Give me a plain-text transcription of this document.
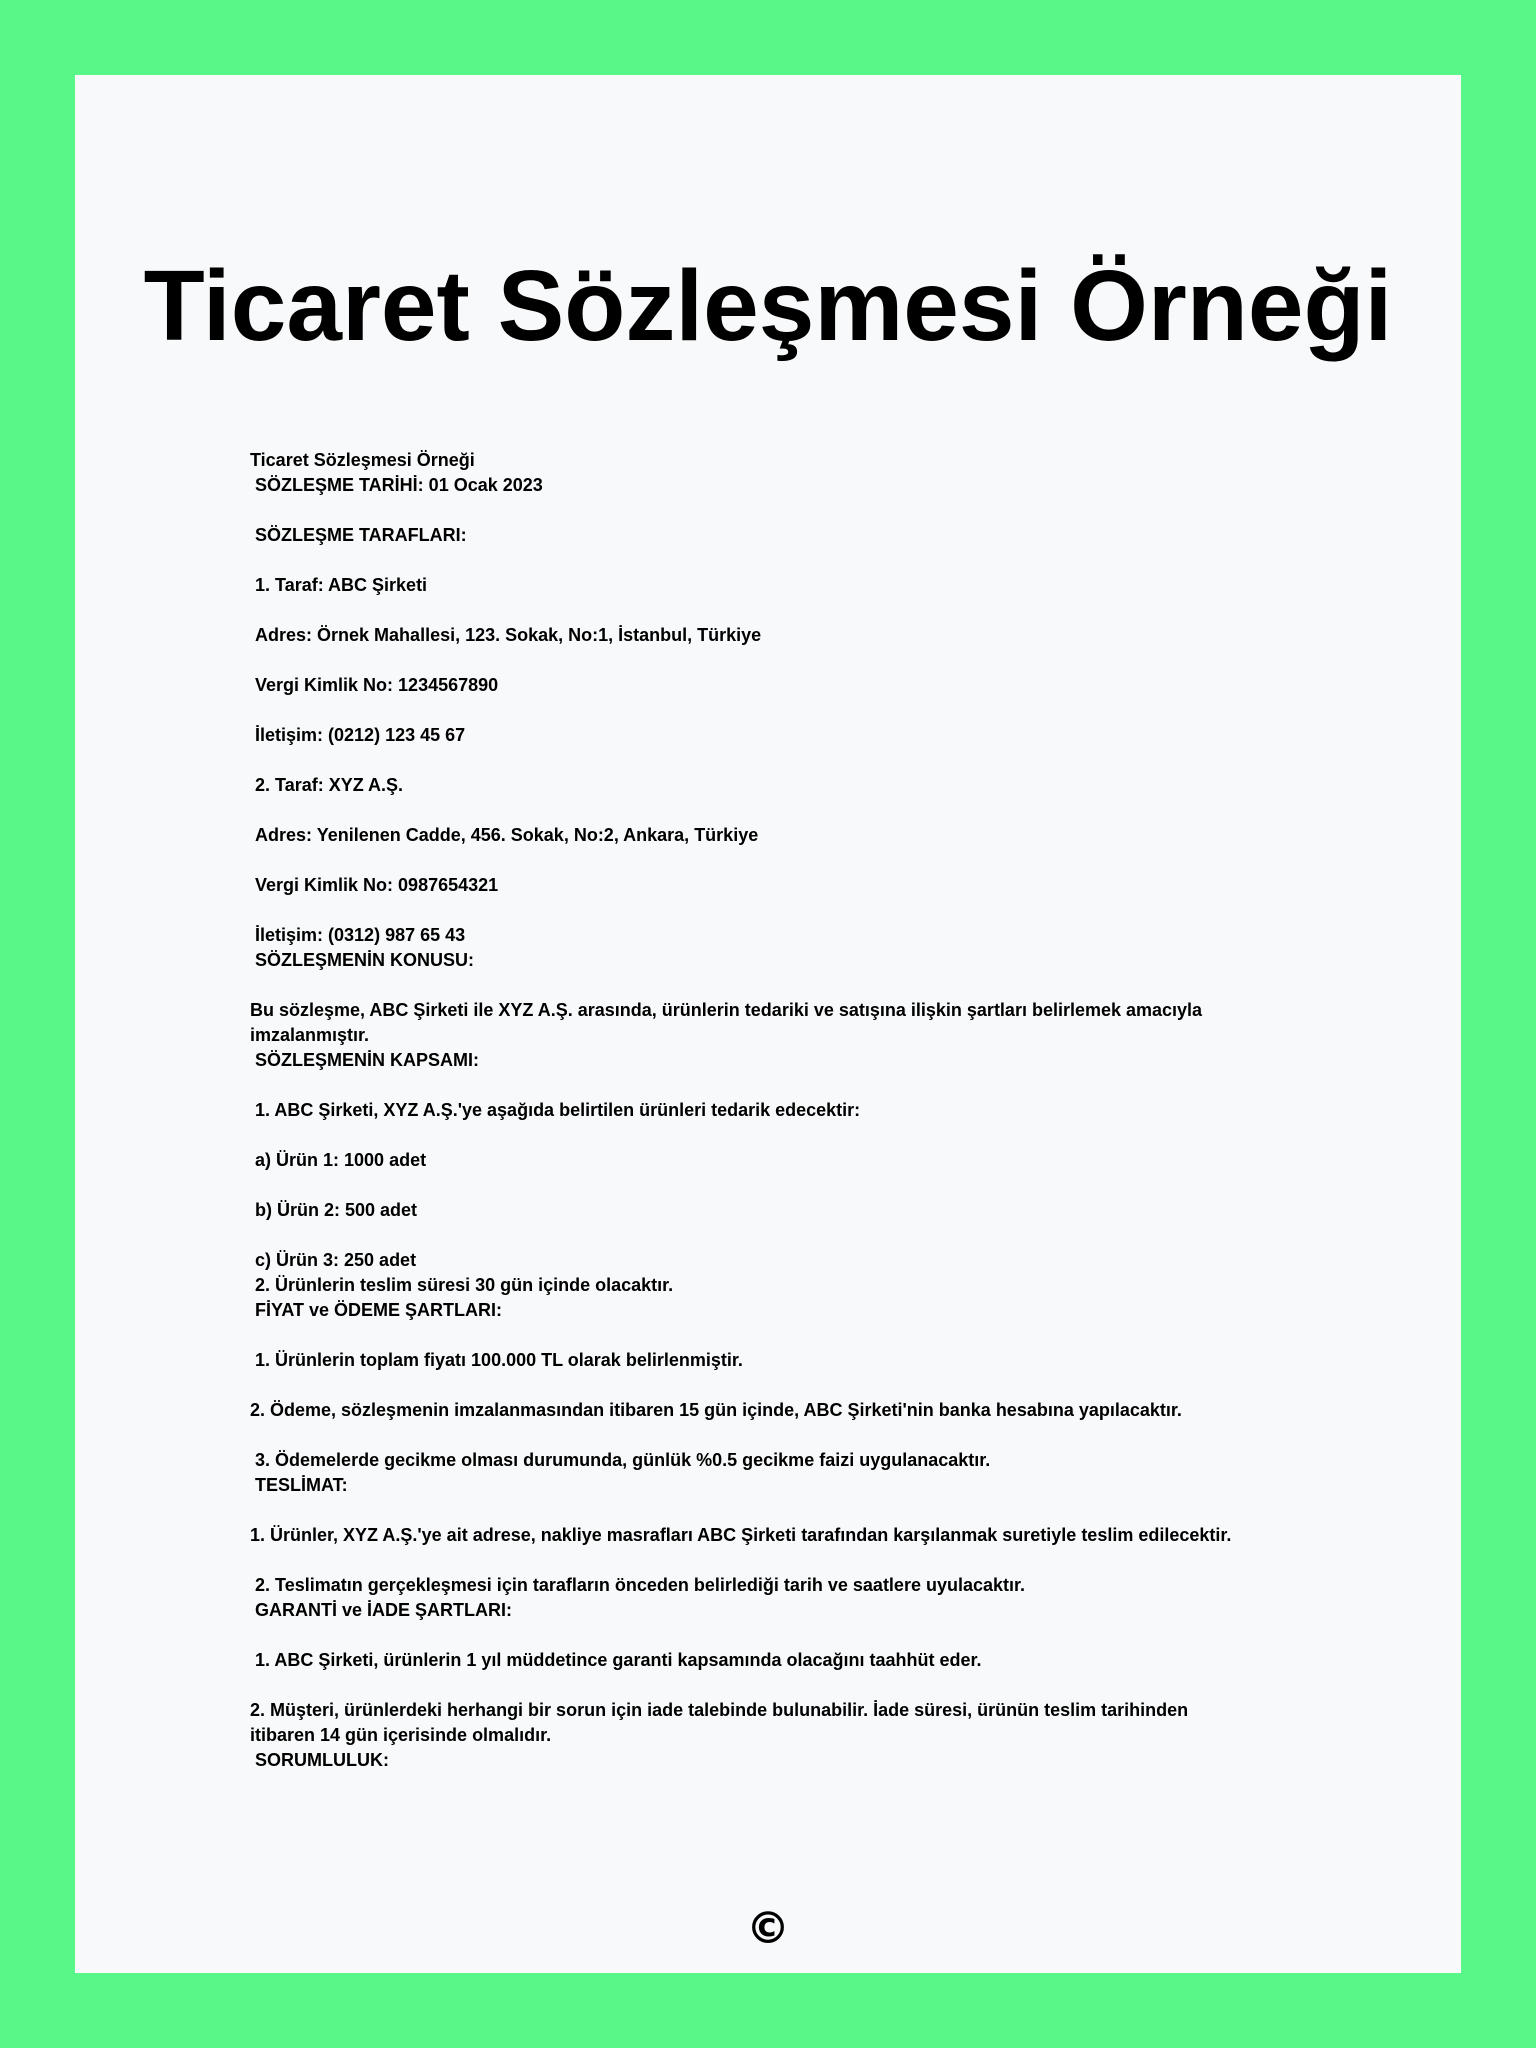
Ticaret Sözleşmesi Örneği
Ticaret Sözleşmesi Örneği
SÖZLEŞME TARİHİ: 01 Ocak 2023
SÖZLEŞME TARAFLARI:
1. Taraf: ABC Şirketi
Adres: Örnek Mahallesi, 123. Sokak, No:1, İstanbul, Türkiye
Vergi Kimlik No: 1234567890
İletişim: (0212) 123 45 67
2. Taraf: XYZ A.Ş.
Adres: Yenilenen Cadde, 456. Sokak, No:2, Ankara, Türkiye
Vergi Kimlik No: 0987654321
İletişim: (0312) 987 65 43
SÖZLEŞMENİN KONUSU:
Bu sözleşme, ABC Şirketi ile XYZ A.Ş. arasında, ürünlerin tedariki ve satışına ilişkin şartları belirlemek amacıyla imzalanmıştır.
SÖZLEŞMENİN KAPSAMI:
1. ABC Şirketi, XYZ A.Ş.'ye aşağıda belirtilen ürünleri tedarik edecektir:
a) Ürün 1: 1000 adet
b) Ürün 2: 500 adet
c) Ürün 3: 250 adet
2. Ürünlerin teslim süresi 30 gün içinde olacaktır.
FİYAT ve ÖDEME ŞARTLARI:
1. Ürünlerin toplam fiyatı 100.000 TL olarak belirlenmiştir.
2. Ödeme, sözleşmenin imzalanmasından itibaren 15 gün içinde, ABC Şirketi'nin banka hesabına yapılacaktır.
3. Ödemelerde gecikme olması durumunda, günlük %0.5 gecikme faizi uygulanacaktır.
TESLİMAT:
1. Ürünler, XYZ A.Ş.'ye ait adrese, nakliye masrafları ABC Şirketi tarafından karşılanmak suretiyle teslim edilecektir.
2. Teslimatın gerçekleşmesi için tarafların önceden belirlediği tarih ve saatlere uyulacaktır.
GARANTİ ve İADE ŞARTLARI:
1. ABC Şirketi, ürünlerin 1 yıl müddetince garanti kapsamında olacağını taahhüt eder.
2. Müşteri, ürünlerdeki herhangi bir sorun için iade talebinde bulunabilir. İade süresi, ürünün teslim tarihinden itibaren 14 gün içerisinde olmalıdır.
SORUMLULUK:
©
